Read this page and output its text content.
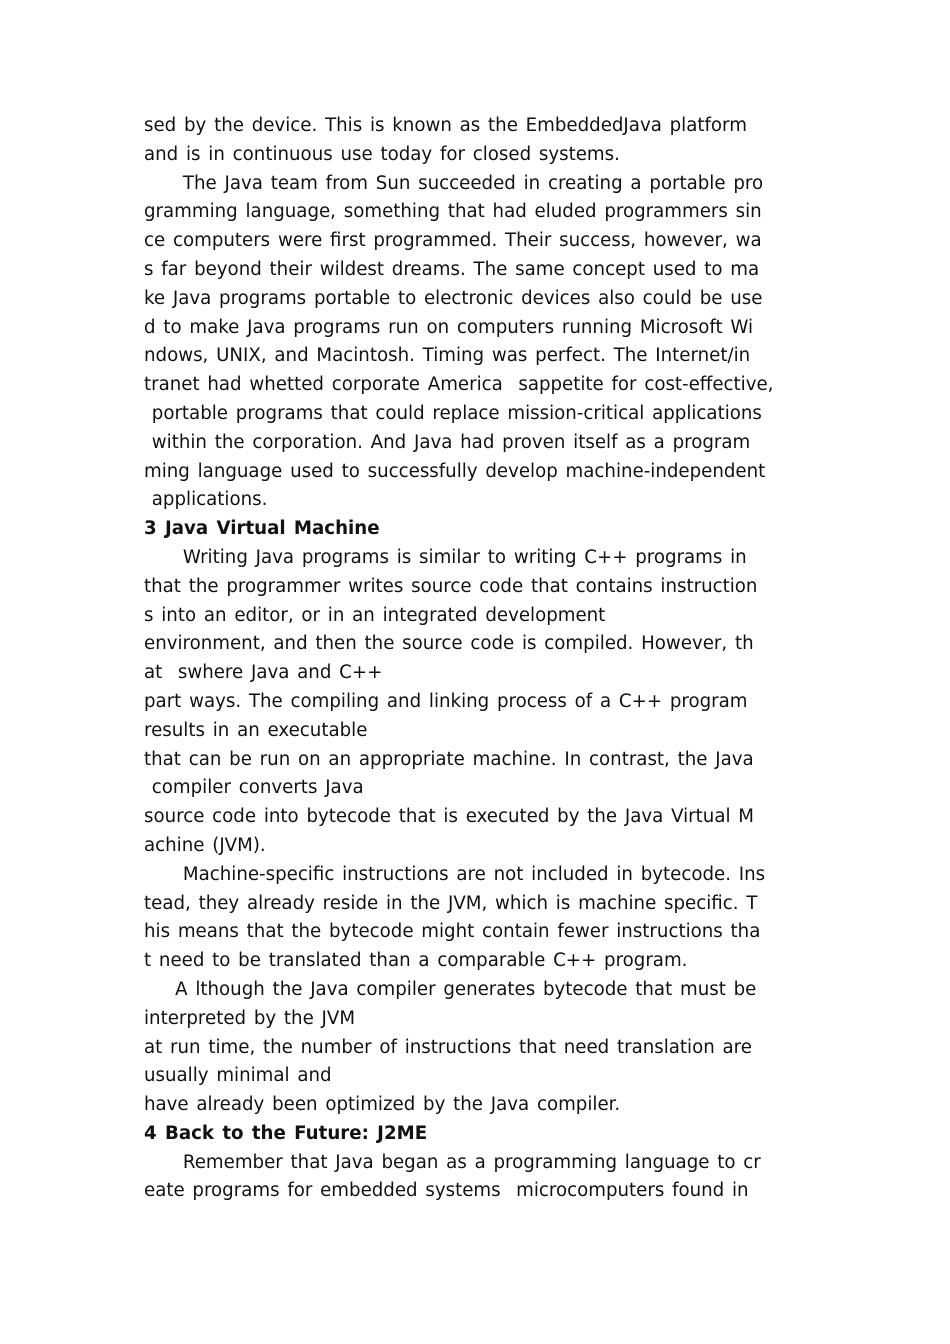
sed by the device. This is known as the EmbeddedJava platform
and is in continuous use today for closed systems.
The Java team from Sun succeeded in creating a portable pro
gramming language, something that had eluded programmers sin
ce computers were first programmed. Their success, however, wa
s far beyond their wildest dreams. The same concept used to ma
ke Java programs portable to electronic devices also could be use
d to make Java programs run on computers running Microsoft Wi
ndows, UNIX, and Macintosh. Timing was perfect. The Internet/in
tranet had whetted corporate America  sappetite for cost-effective,
portable programs that could replace mission-critical applications
within the corporation. And Java had proven itself as a program
ming language used to successfully develop machine-independent
applications.
3 Java Virtual Machine
Writing Java programs is similar to writing C++ programs in
that the programmer writes source code that contains instruction
s into an editor, or in an integrated development
environment, and then the source code is compiled. However, th
at  swhere Java and C++
part ways. The compiling and linking process of a C++ program
results in an executable
that can be run on an appropriate machine. In contrast, the Java
compiler converts Java
source code into bytecode that is executed by the Java Virtual M
achine (JVM).
Machine-specific instructions are not included in bytecode. Ins
tead, they already reside in the JVM, which is machine specific. T
his means that the bytecode might contain fewer instructions tha
t need to be translated than a comparable C++ program.
A lthough the Java compiler generates bytecode that must be
interpreted by the JVM
at run time, the number of instructions that need translation are
usually minimal and
have already been optimized by the Java compiler.
4 Back to the Future: J2ME
Remember that Java began as a programming language to cr
eate programs for embedded systems  microcomputers found in
